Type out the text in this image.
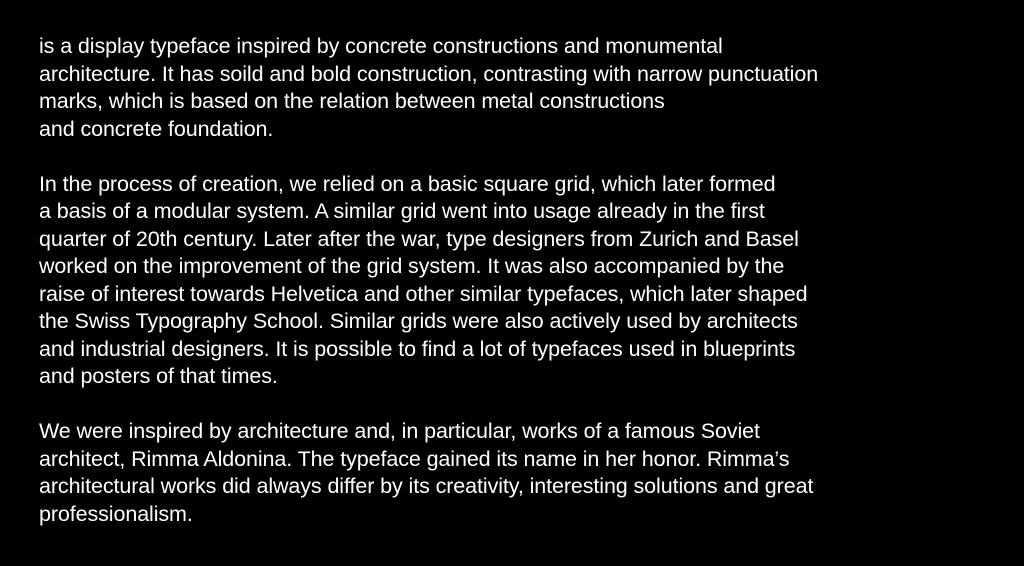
is a display typeface inspired by concrete constructions and monumental
architecture. It has soild and bold construction, contrasting with narrow punctuation
marks, which is based on the relation between metal constructions
and concrete foundation.

In the process of creation, we relied on a basic square grid, which later formed
a basis of a modular system. A similar grid went into usage already in the first
quarter of 20th century. Later after the war, type designers from Zurich and Basel
worked on the improvement of the grid system. It was also accompanied by the
raise of interest towards Helvetica and other similar typefaces, which later shaped
the Swiss Typography School. Similar grids were also actively used by architects
and industrial designers. It is possible to find a lot of typefaces used in blueprints
and posters of that times.

We were inspired by architecture and, in particular, works of a famous Soviet
architect, Rimma Aldonina. The typeface gained its name in her honor. Rimma’s
architectural works did always differ by its creativity, interesting solutions and great
professionalism.
